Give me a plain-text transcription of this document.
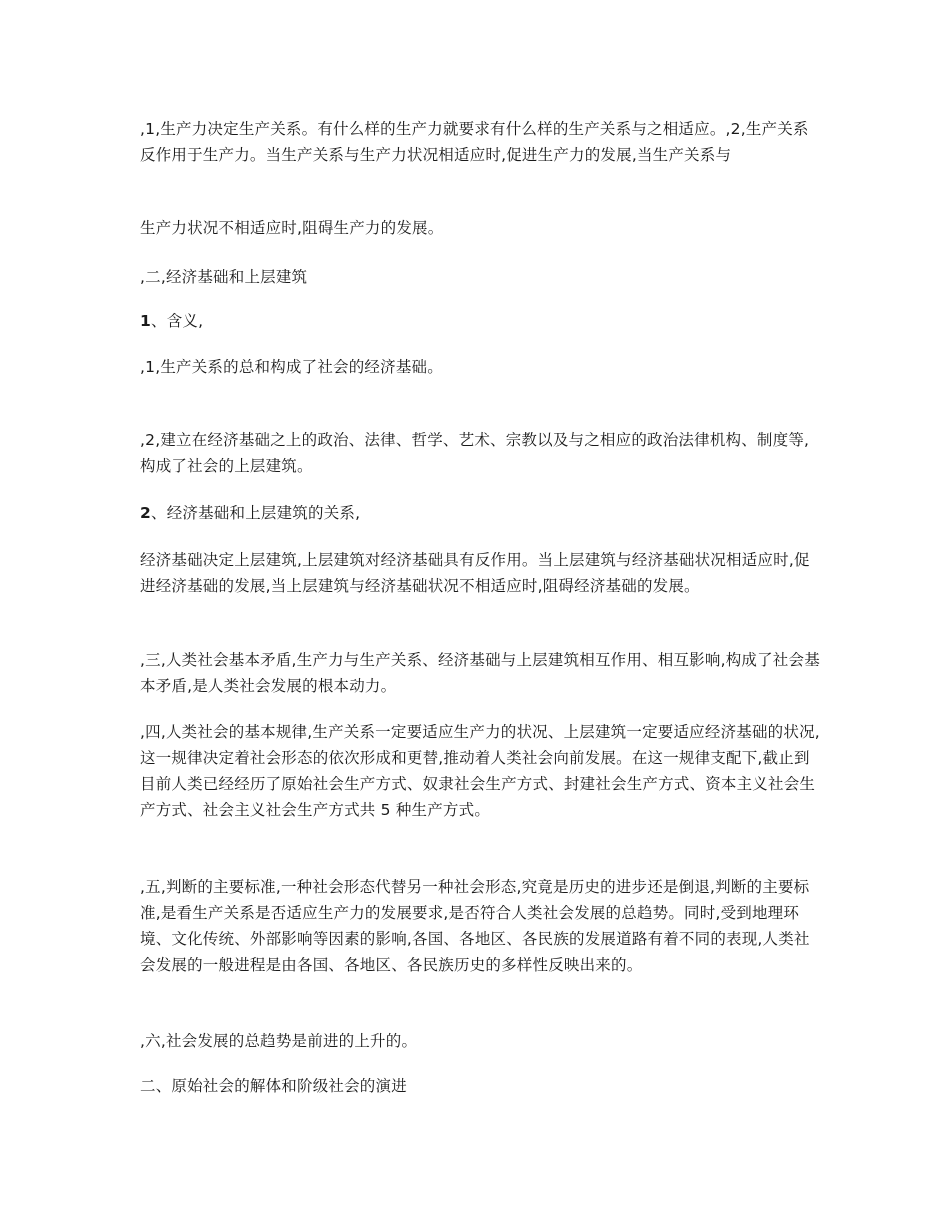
,1,生产力决定生产关系。有什么样的生产力就要求有什么样的生产关系与之相适应。,2,生产关系反作用于生产力。当生产关系与生产力状况相适应时,促进生产力的发展,当生产关系与

生产力状况不相适应时,阻碍生产力的发展。

,二,经济基础和上层建筑

1、含义,

,1,生产关系的总和构成了社会的经济基础。

,2,建立在经济基础之上的政治、法律、哲学、艺术、宗教以及与之相应的政治法律机构、制度等,构成了社会的上层建筑。

2、经济基础和上层建筑的关系,

经济基础决定上层建筑,上层建筑对经济基础具有反作用。当上层建筑与经济基础状况相适应时,促进经济基础的发展,当上层建筑与经济基础状况不相适应时,阻碍经济基础的发展。

,三,人类社会基本矛盾,生产力与生产关系、经济基础与上层建筑相互作用、相互影响,构成了社会基本矛盾,是人类社会发展的根本动力。

,四,人类社会的基本规律,生产关系一定要适应生产力的状况、上层建筑一定要适应经济基础的状况,这一规律决定着社会形态的依次形成和更替,推动着人类社会向前发展。在这一规律支配下,截止到目前人类已经经历了原始社会生产方式、奴隶社会生产方式、封建社会生产方式、资本主义社会生产方式、社会主义社会生产方式共 5 种生产方式。

,五,判断的主要标准,一种社会形态代替另一种社会形态,究竟是历史的进步还是倒退,判断的主要标准,是看生产关系是否适应生产力的发展要求,是否符合人类社会发展的总趋势。同时,受到地理环境、文化传统、外部影响等因素的影响,各国、各地区、各民族的发展道路有着不同的表现,人类社会发展的一般进程是由各国、各地区、各民族历史的多样性反映出来的。

,六,社会发展的总趋势是前进的上升的。

二、原始社会的解体和阶级社会的演进
